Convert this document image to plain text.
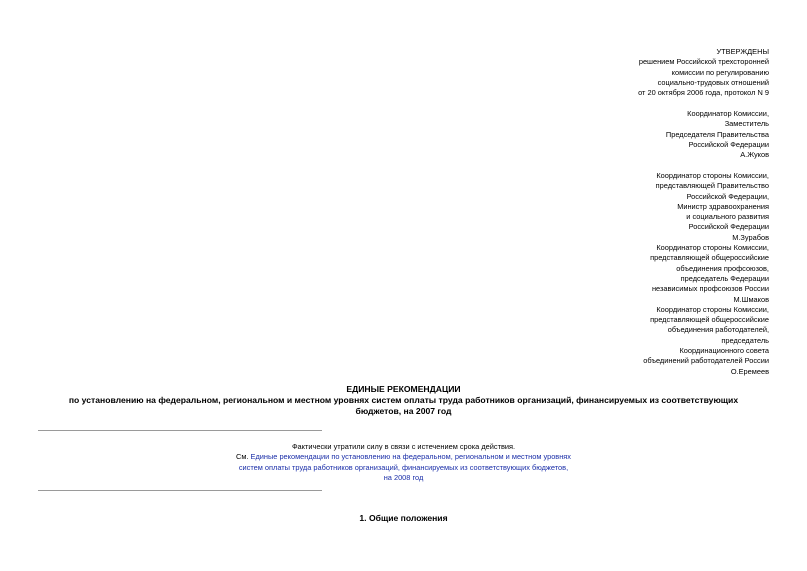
УТВЕРЖДЕНЫ
решением Российской трехсторонней
комиссии по регулированию
социально-трудовых отношений
от 20 октября 2006 года, протокол N 9
Координатор Комиссии,
Заместитель
Председателя Правительства
Российской Федерации
А.Жуков
Координатор стороны Комиссии,
представляющей Правительство
Российской Федерации,
Министр здравоохранения
и социального развития
Российской Федерации
М.Зурабов
Координатор стороны Комиссии,
представляющей общероссийские
объединения профсоюзов,
председатель Федерации
независимых профсоюзов России
М.Шмаков
Координатор стороны Комиссии,
представляющей общероссийские
объединения работодателей,
председатель
Координационного совета
объединений работодателей России
О.Еремеев
ЕДИНЫЕ РЕКОМЕНДАЦИИ
по установлению на федеральном, региональном и местном уровнях систем оплаты труда работников организаций, финансируемых из соответствующих
бюджетов, на 2007 год
Фактически утратили силу в связи с истечением срока действия.
См. Единые рекомендации по установлению на федеральном, региональном и местном уровнях
систем оплаты труда работников организаций, финансируемых из соответствующих бюджетов,
на 2008 год
1. Общие положения
